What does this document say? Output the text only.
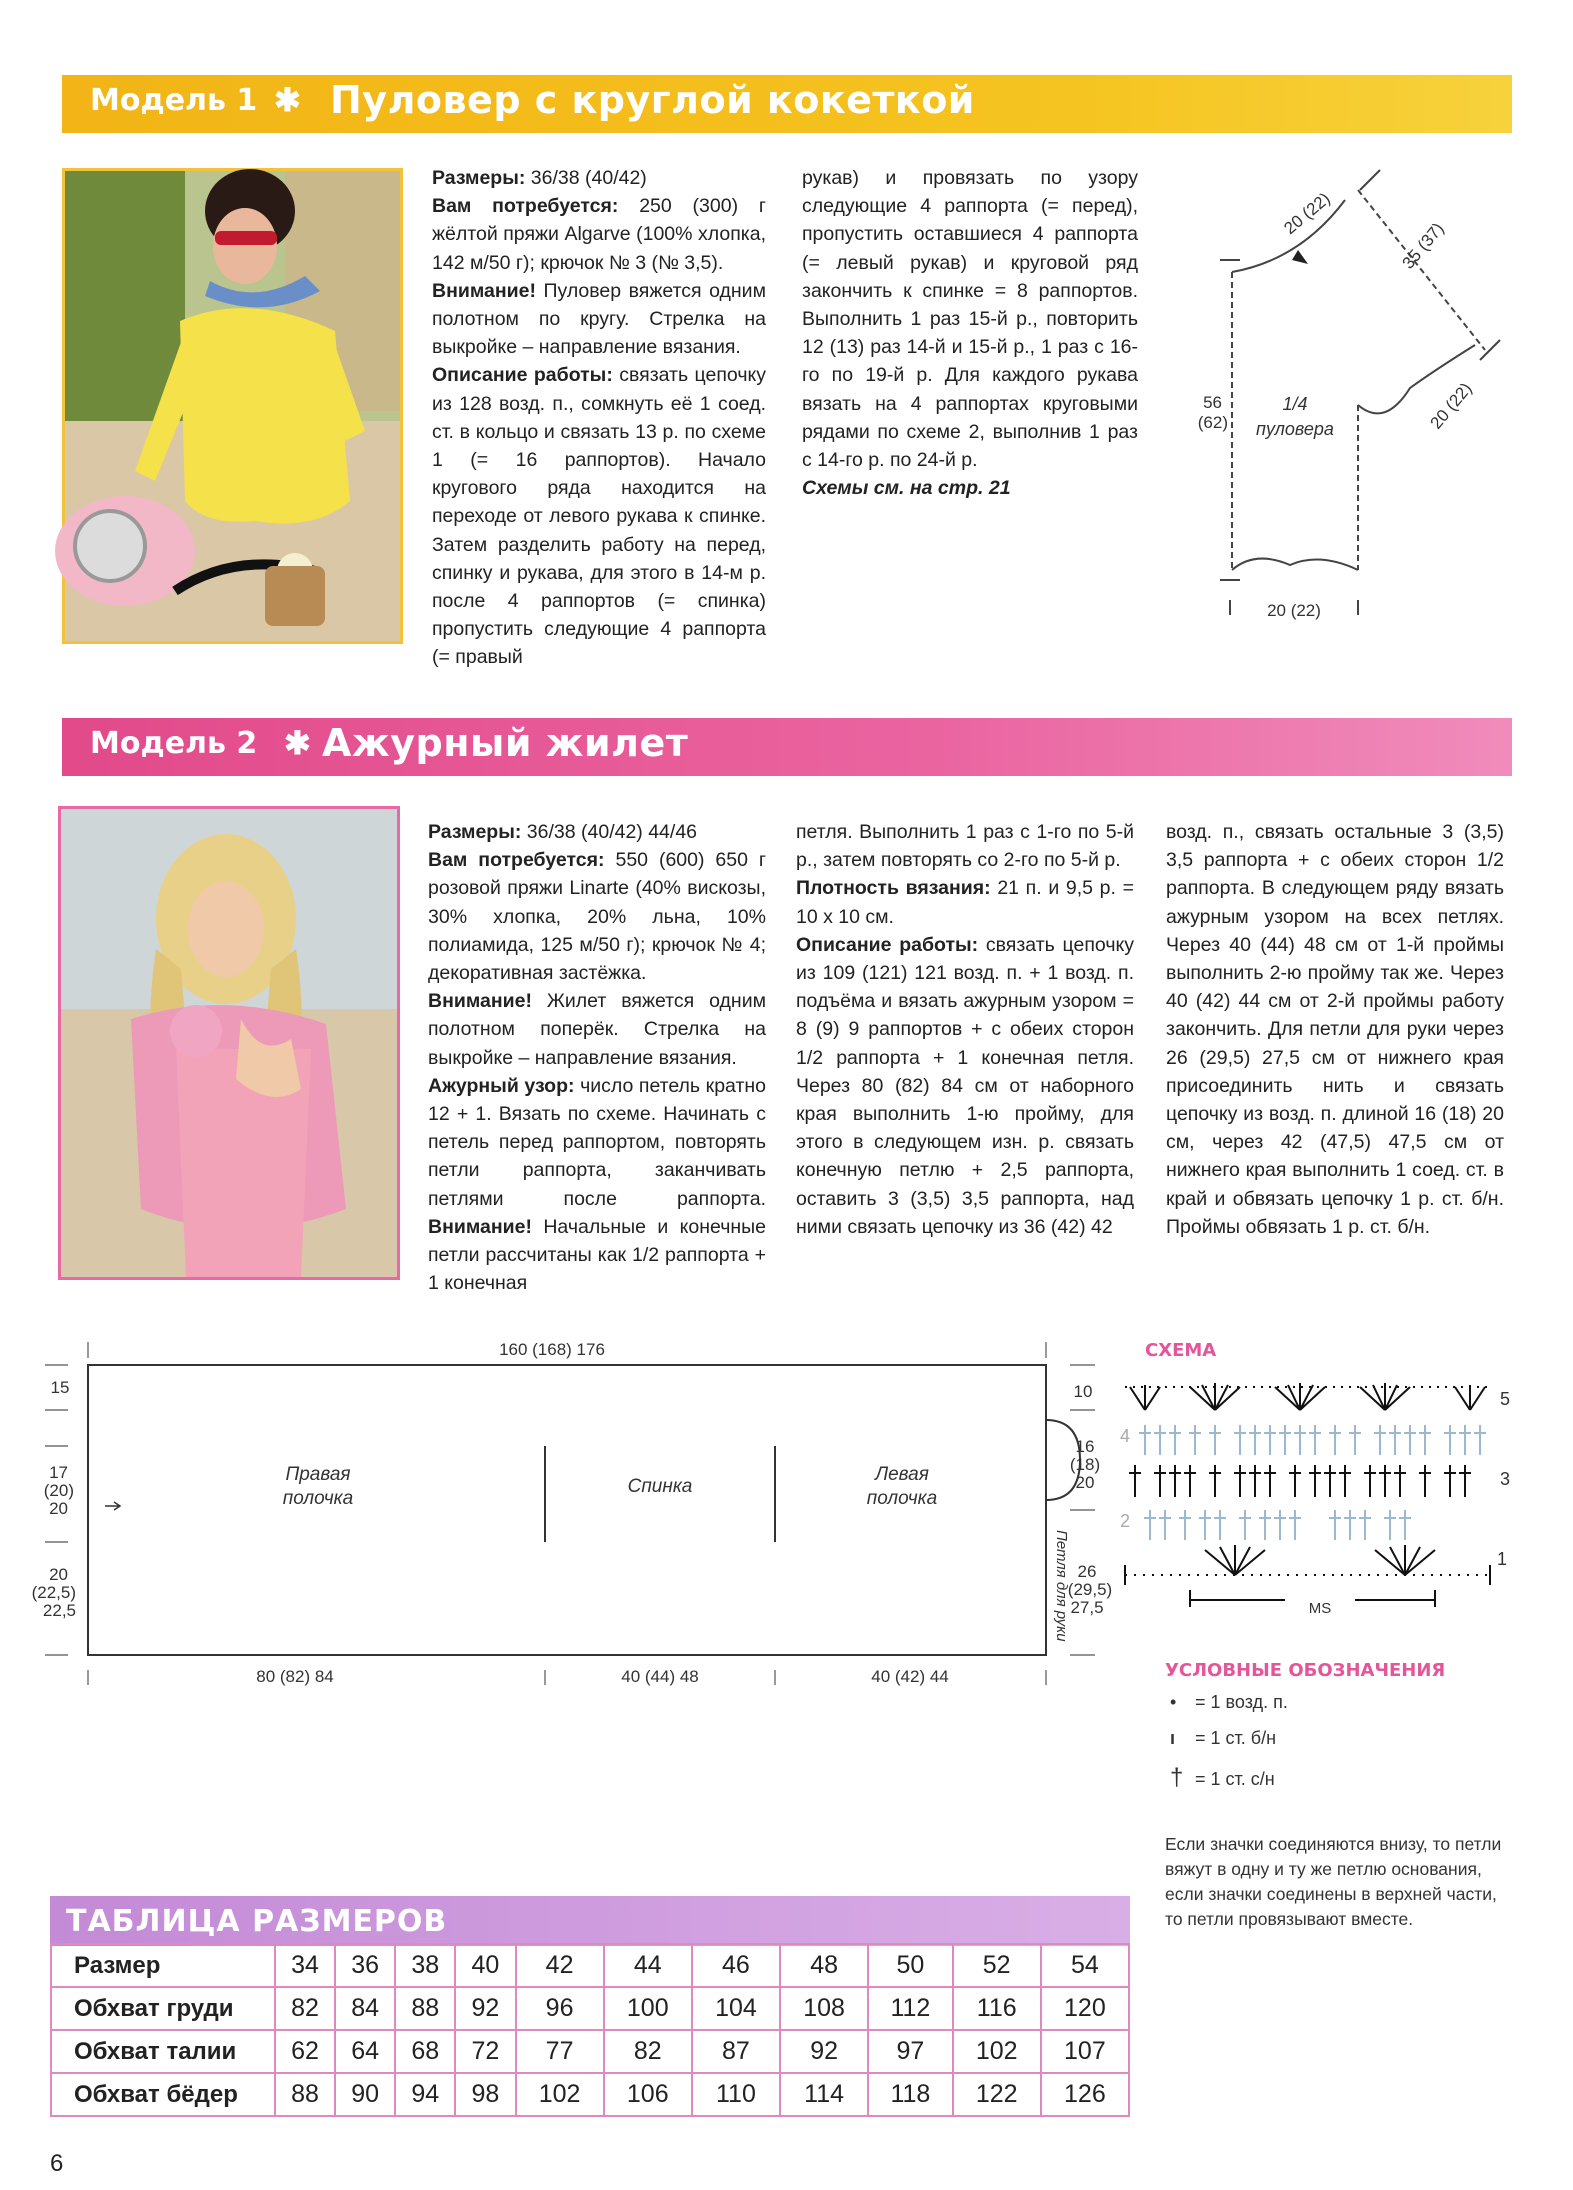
Модель 1 ✱ Пуловер с круглой кокеткой

Размеры: 36/38 (40/42)

Вам потребуется: 250 (300) г жёлтой пряжи Algarve (100% хлопка, 142 м/50 г); крючок № 3 (№ 3,5).

Внимание! Пуловер вяжется одним полотном по кругу. Стрелка на выкройке – направление вязания.

Описание работы: связать цепочку из 128 возд. п., сомкнуть её 1 соед. ст. в кольцо и связать 13 р. по схеме 1 (= 16 раппортов). Начало кругового ряда находится на переходе от левого рукава к спинке. Затем разделить работу на перед, спинку и рукава, для этого в 14-м р. после 4 раппортов (= спинка) пропустить следующие 4 раппорта (= правый

рукав) и провязать по узору следующие 4 раппорта (= перед), пропустить оставшиеся 4 раппорта (= левый рукав) и круговой ряд закончить к спинке = 8 раппортов. Выполнить 1 раз 15-й р., повторить 12 (13) раз 14-й и 15-й р., 1 раз с 16-го по 19-й р. Для каждого рукава вязать на 4 раппортах круговыми рядами по схеме 2, выполнив 1 раз с 14-го р. по 24-й р.

Схемы см. на стр. 21

20 (22)
35 (37)
20 (22)
56 (62)
1/4
пуловера
20 (22)
Модель 2 ✱ Ажурный жилет

Размеры: 36/38 (40/42) 44/46

Вам потребуется: 550 (600) 650 г розовой пряжи Linarte (40% вискозы, 30% хлопка, 20% льна, 10% полиамида, 125 м/50 г); крючок № 4; декоративная застёжка.

Внимание! Жилет вяжется одним полотном поперёк. Стрелка на выкройке – направление вязания.

Ажурный узор: число петель кратно 12 + 1. Вязать по схеме. Начинать с петель перед раппортом, повторять петли раппорта, заканчивать петлями после раппорта. Внимание! Начальные и конечные петли рассчитаны как 1/2 раппорта + 1 конечная

петля. Выполнить 1 раз с 1-го по 5-й р., затем повторять со 2-го по 5-й р.

Плотность вязания: 21 п. и 9,5 р. = 10 х 10 см.

Описание работы: связать цепочку из 109 (121) 121 возд. п. + 1 возд. п. подъёма и вязать ажурным узором = 8 (9) 9 раппортов + с обеих сторон 1/2 раппорта + 1 конечная петля. Через 80 (82) 84 см от наборного края выполнить 1-ю пройму, для этого в следующем изн. р. связать конечную петлю + 2,5 раппорта, оставить 3 (3,5) 3,5 раппорта, над ними связать цепочку из 36 (42) 42

возд. п., связать остальные 3 (3,5) 3,5 раппорта + с обеих сторон 1/2 раппорта. В следующем ряду вязать ажурным узором на всех петлях. Через 40 (44) 48 см от 1-й проймы выполнить 2-ю пройму так же. Через 40 (42) 44 см от 2-й проймы работу закончить. Для петли для руки через 26 (29,5) 27,5 см от нижнего края присоединить нить и связать цепочку из возд. п. длиной 16 (18) 20 см, через 42 (47,5) 47,5 см от нижнего края выполнить 1 соед. ст. в край и обвязать цепочку 1 р. ст. б/н. Проймы обвязать 1 р. ст. б/н.

160 (168) 176
15
17
(20)
20
20
(22,5)
22,5
10
16
(18)
20
26
(29,5)
27,5
Петля для руки
Правая
полочка
Спинка
Левая
полочка
80 (82) 84	40 (44) 48	40 (42) 44
СХЕМА
5
4
3
2
1
MS
УСЛОВНЫЕ ОБОЗНАЧЕНИЯ
• = 1 возд. п.
ı = 1 ст. б/н
† = 1 ст. с/н
Если значки соединяются внизу, то петли вяжут в одну и ту же петлю основания, если значки соединены в верхней части, то петли провязывают вместе.
ТАБЛИЦА РАЗМЕРОВ
Размер	34	36	38	40	42	44	46	48	50	52	54
Обхват груди	82	84	88	92	96	100	104	108	112	116	120
Обхват талии	62	64	68	72	77	82	87	92	97	102	107
Обхват бёдер	88	90	94	98	102	106	110	114	118	122	126
6
